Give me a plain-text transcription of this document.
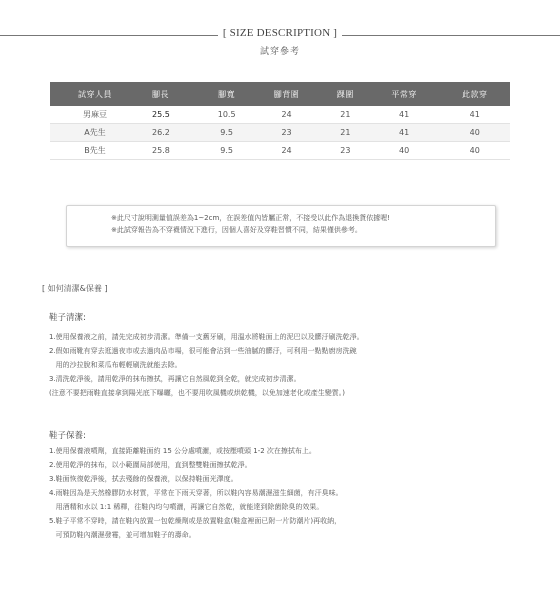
[ SIZE DESCRIPTION ]
試穿參考
試穿人員	腳長	腳寬	腳背圍	踝圍	平常穿	此款穿
男麻豆	25.5	10.5	24	21	41	41
A先生	26.2	9.5	23	21	41	40
B先生	25.8	9.5	24	23	40	40
※此尺寸說明測量值誤差為1~2cm，在誤差值內皆屬正常，不接受以此作為退換貨依據喔!
※此試穿報告為不穿襪情況下進行，因個人喜好及穿鞋習慣不同，結果僅供參考。
[ 如何清潔&保養 ]
鞋子清潔:
1.使用保養液之前，請先完成初步清潔。準備一支舊牙刷，用溫水將鞋面上的泥巴以及髒汙刷洗乾淨。
2.假如雨靴有穿去逛過夜市或去過肉品市場，很可能會沾到一些油膩的髒汙，可利用一點點廚房洗碗
用的沙拉脫和菜瓜布輕輕刷洗就能去除。
3.清洗乾淨後，請用乾淨的抹布擦拭，再讓它自然風乾到全乾，就完成初步清潔。
(注意不要把雨鞋直接拿到陽光底下曝曬，也不要用吹風機或烘乾機，以免加速老化或產生變質。)
鞋子保養:
1.使用保養液噴劑，直接距離鞋面約 15 公分處噴灑，或按壓噴頭 1-2 次在擦拭布上。
2.使用乾淨的抹布，以小範圍局部使用，直到整雙鞋面擦拭乾淨。
3.鞋面恢復乾淨後，拭去殘餘的保養液，以保持鞋面光澤度。
4.雨鞋因為是天然橡膠防水材質，平常在下雨天穿著，所以鞋內容易潮濕滋生細菌，有汗臭味。
用酒精和水以 1:1 稀釋，往鞋內均勻噴灑，再讓它自然乾，就能達到除菌除臭的效果。
5.鞋子平常不穿時，請在鞋內放置一包乾燥劑或是放置鞋盒(鞋盒裡面已附一片防潮片)再收納，
可預防鞋內潮濕發霉，並可增加鞋子的壽命。
